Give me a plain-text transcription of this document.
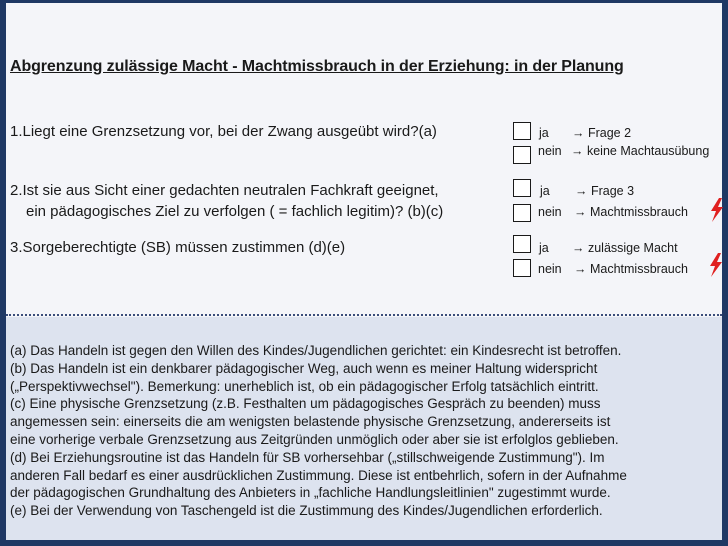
Abgrenzung zulässige Macht - Machtmissbrauch in der Erziehung: in der Planung
1.Liegt eine Grenzsetzung vor, bei der Zwang ausgeübt wird?(a)	ja → Frage 2
nein → keine Machtausübung
2.Ist sie aus Sicht einer gedachten neutralen Fachkraft geeignet,
ein pädagogisches Ziel zu verfolgen ( = fachlich legitim)? (b)(c)
ja → Frage 3
nein → Machtmissbrauch
3.Sorgeberechtigte (SB) müssen zustimmen (d)(e)	ja → zulässige Macht
nein → Machtmissbrauch

(a) Das Handeln ist gegen den Willen des Kindes/Jugendlichen gerichtet: ein Kindesrecht ist betroffen.

(b) Das Handeln ist ein denkbarer pädagogischer Weg, auch wenn es meiner Haltung widerspricht

(„Perspektivwechsel"). Bemerkung: unerheblich ist, ob ein pädagogischer Erfolg tatsächlich eintritt.

(c) Eine physische Grenzsetzung (z.B. Festhalten um pädagogisches Gespräch zu beenden) muss

angemessen sein: einerseits die am wenigsten belastende physische Grenzsetzung, andererseits ist

eine vorherige verbale Grenzsetzung aus Zeitgründen unmöglich oder aber sie ist erfolglos geblieben.

(d) Bei Erziehungsroutine ist das Handeln für SB vorhersehbar („stillschweigende Zustimmung"). Im

anderen Fall bedarf es einer ausdrücklichen Zustimmung. Diese ist entbehrlich, sofern in der Aufnahme

der pädagogischen Grundhaltung des Anbieters in „fachliche Handlungsleitlinien" zugestimmt wurde.

(e) Bei der Verwendung von Taschengeld ist die Zustimmung des Kindes/Jugendlichen erforderlich.
